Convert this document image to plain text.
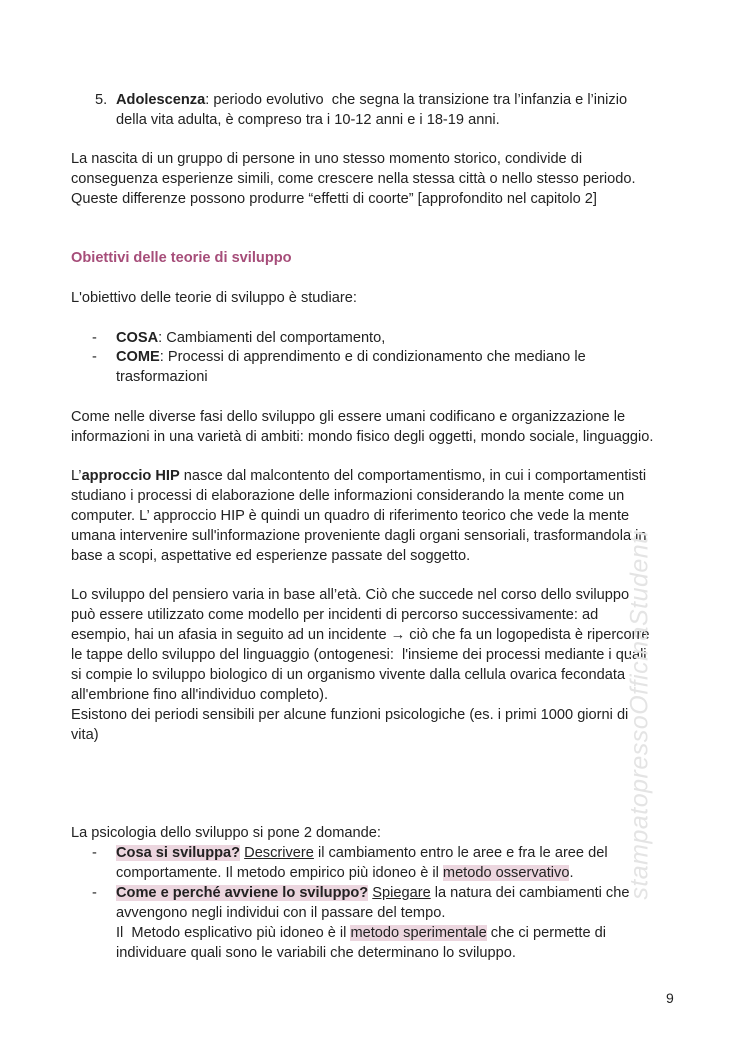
5. Adolescenza: periodo evolutivo  che segna la transizione tra l’infanzia e l’inizio
della vita adulta, è compreso tra i 10-12 anni e i 18-19 anni.
La nascita di un gruppo di persone in uno stesso momento storico, condivide di
conseguenza esperienze simili, come crescere nella stessa città o nello stesso periodo.
Queste differenze possono produrre “effetti di coorte” [approfondito nel capitolo 2]
Obiettivi delle teorie di sviluppo
L'obiettivo delle teorie di sviluppo è studiare:
- COSA: Cambiamenti del comportamento,
- COME: Processi di apprendimento e di condizionamento che mediano le
trasformazioni
Come nelle diverse fasi dello sviluppo gli essere umani codificano e organizzazione le
informazioni in una varietà di ambiti: mondo fisico degli oggetti, mondo sociale, linguaggio.
L’approccio HIP nasce dal malcontento del comportamentismo, in cui i comportamentisti
studiano i processi di elaborazione delle informazioni considerando la mente come un
computer. L’ approccio HIP è quindi un quadro di riferimento teorico che vede la mente
umana intervenire sull'informazione proveniente dagli organi sensoriali, trasformandola in
base a scopi, aspettative ed esperienze passate del soggetto.
Lo sviluppo del pensiero varia in base all’età. Ciò che succede nel corso dello sviluppo
può essere utilizzato come modello per incidenti di percorso successivamente: ad
esempio, hai un afasia in seguito ad un incidente → ciò che fa un logopedista è ripercorre
le tappe dello sviluppo del linguaggio (ontogenesi:  l'insieme dei processi mediante i quali
si compie lo sviluppo biologico di un organismo vivente dalla cellula ovarica fecondata
all'embrione fino all'individuo completo).
Esistono dei periodi sensibili per alcune funzioni psicologiche (es. i primi 1000 giorni di
vita)
La psicologia dello sviluppo si pone 2 domande:
- Cosa si sviluppa? Descrivere il cambiamento entro le aree e fra le aree del
comportamente. Il metodo empirico più idoneo è il metodo osservativo.
- Come e perché avviene lo sviluppo? Spiegare la natura dei cambiamenti che
avvengono negli individui con il passare del tempo.
Il  Metodo esplicativo più idoneo è il metodo sperimentale che ci permette di
individuare quali sono le variabili che determinano lo sviluppo.
stampatopressoOfficinaStudenti
9
